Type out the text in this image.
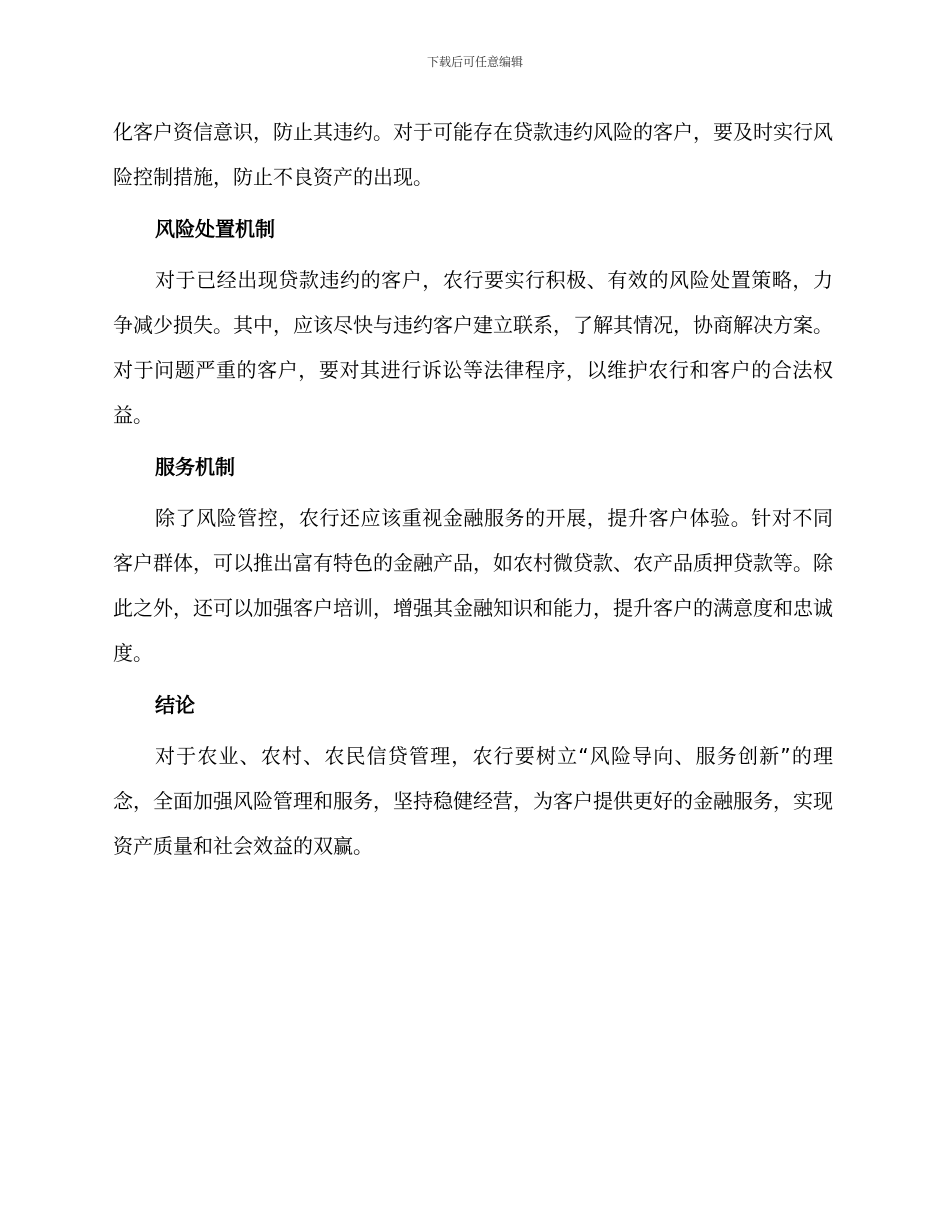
下载后可任意编辑

化客户资信意识，防止其违约。对于可能存在贷款违约风险的客户，要及时实行风险控制措施，防止不良资产的出现。

风险处置机制

对于已经出现贷款违约的客户，农行要实行积极、有效的风险处置策略，力争减少损失。其中，应该尽快与违约客户建立联系，了解其情况，协商解决方案。对于问题严重的客户，要对其进行诉讼等法律程序，以维护农行和客户的合法权益。

服务机制

除了风险管控，农行还应该重视金融服务的开展，提升客户体验。针对不同客户群体，可以推出富有特色的金融产品，如农村微贷款、农产品质押贷款等。除此之外，还可以加强客户培训，增强其金融知识和能力，提升客户的满意度和忠诚度。

结论

对于农业、农村、农民信贷管理，农行要树立“风险导向、服务创新”的理念，全面加强风险管理和服务，坚持稳健经营，为客户提供更好的金融服务，实现资产质量和社会效益的双赢。
